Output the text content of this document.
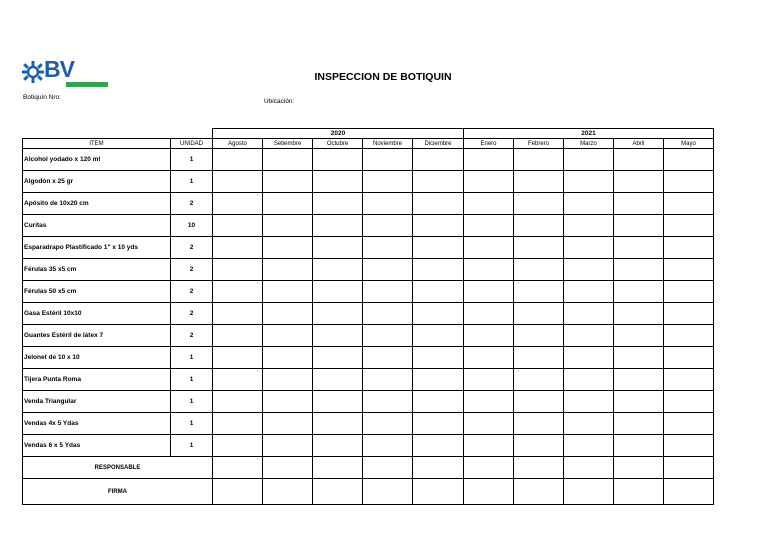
BV	INSPECCION DE BOTIQUIN
Botiquín Nro:
Ubicación:
		2020					2021				
ITEM	UNIDAD	Agosto	Setiembre	Octubre	Noviembre	Diciembre	Enero	Febrero	Marzo	Abril	Mayo
Alcohol yodado x 120 ml	1										
Algodón x 25 gr	1										
Apósito de 10x20 cm	2										
Curitas	10										
Esparadrapo Plastificado 1" x 10 yds	2										
Férulas 35 x5 cm	2										
Férulas 50 x5 cm	2										
Gasa Estéril 10x10	2										
Guantes Estéril de látex 7	2										
Jelonet de 10 x 10	1										
Tijera Punta Roma	1										
Venda Triangular	1										
Vendas 4x 5 Ydas	1										
Vendas 6 x 5 Ydas	1										
RESPONSABLE											
FIRMA											
